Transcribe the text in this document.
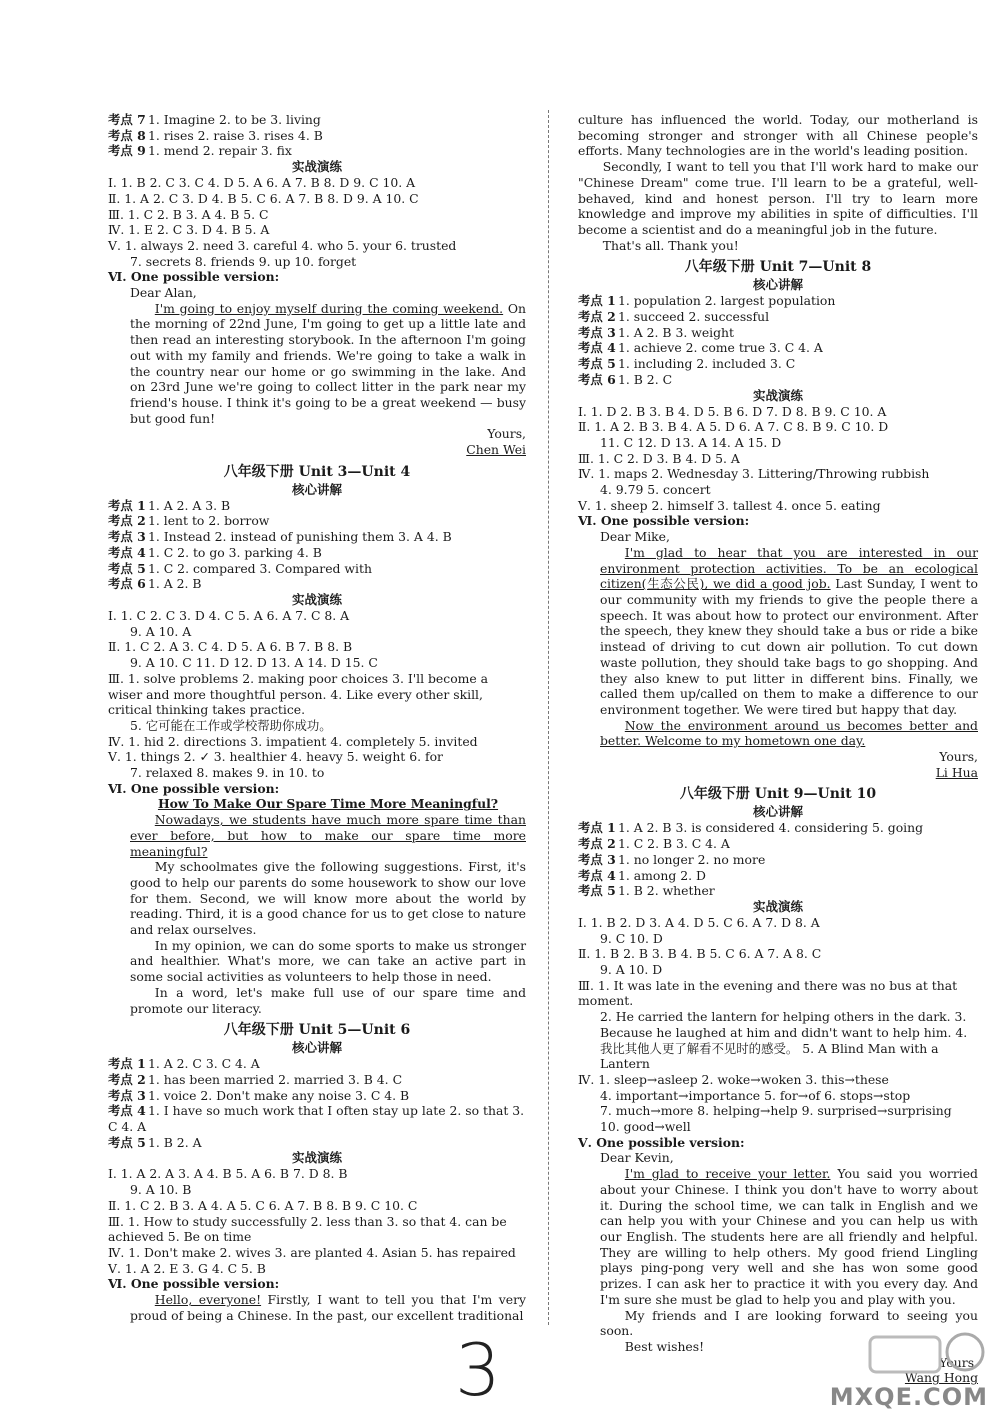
考点 7 1. Imagine 2. to be 3. living
考点 8 1. rises 2. raise 3. rises 4. B
考点 9 1. mend 2. repair 3. fix
实战演练
Ⅰ. 1. B 2. C 3. C 4. D 5. A 6. A 7. B 8. D 9. C 10. A
Ⅱ. 1. A 2. C 3. D 4. B 5. C 6. A 7. B 8. D 9. A 10. C
Ⅲ. 1. C 2. B 3. A 4. B 5. C
Ⅳ. 1. E 2. C 3. D 4. B 5. A
Ⅴ. 1. always 2. need 3. careful 4. who 5. your 6. trusted
7. secrets 8. friends 9. up 10. forget
Ⅵ. One possible version:

Dear Alan,

I'm going to enjoy myself during the coming weekend. On the morning of 22nd June, I'm going to get up a little late and then read an interesting storybook. In the afternoon I'm going out with my family and friends. We're going to take a walk in the country near our home or go swimming in the lake. And on 23rd June we're going to collect litter in the park near my friend's house. I think it's going to be a great weekend — busy but good fun!

Yours,
Chen Wei
八年级下册 Unit 3—Unit 4
核心讲解
考点 1 1. A 2. A 3. B
考点 2 1. lent to 2. borrow
考点 3 1. Instead 2. instead of punishing them 3. A 4. B
考点 4 1. C 2. to go 3. parking 4. B
考点 5 1. C 2. compared 3. Compared with
考点 6 1. A 2. B
实战演练
Ⅰ. 1. C 2. C 3. D 4. C 5. A 6. A 7. C 8. A
9. A 10. A
Ⅱ. 1. C 2. A 3. C 4. D 5. A 6. B 7. B 8. B
9. A 10. C 11. D 12. D 13. A 14. D 15. C
Ⅲ. 1. solve problems 2. making poor choices 3. I'll become a wiser and more thoughtful person. 4. Like every other skill, critical thinking takes practice.
5. 它可能在工作或学校帮助你成功。
Ⅳ. 1. hid 2. directions 3. impatient 4. completely 5. invited
Ⅴ. 1. things 2. ✓ 3. healthier 4. heavy 5. weight 6. for
7. relaxed 8. makes 9. in 10. to
Ⅵ. One possible version:
How To Make Our Spare Time More Meaningful?

Nowadays, we students have much more spare time than ever before, but how to make our spare time more meaningful?

My schoolmates give the following suggestions. First, it's good to help our parents do some housework to show our love for them. Second, we will know more about the world by reading. Third, it is a good chance for us to get close to nature and relax ourselves.

In my opinion, we can do some sports to make us stronger and healthier. What's more, we can take an active part in some social activities as volunteers to help those in need.

In a word, let's make full use of our spare time and promote our literacy.

八年级下册 Unit 5—Unit 6
核心讲解
考点 1 1. A 2. C 3. C 4. A
考点 2 1. has been married 2. married 3. B 4. C
考点 3 1. voice 2. Don't make any noise 3. C 4. B
考点 4 1. I have so much work that I often stay up late 2. so that 3. C 4. A
考点 5 1. B 2. A
实战演练
Ⅰ. 1. A 2. A 3. A 4. B 5. A 6. B 7. D 8. B
9. A 10. B
Ⅱ. 1. C 2. B 3. A 4. A 5. C 6. A 7. B 8. B 9. C 10. C
Ⅲ. 1. How to study successfully 2. less than 3. so that 4. can be achieved 5. Be on time
Ⅳ. 1. Don't make 2. wives 3. are planted 4. Asian 5. has repaired
Ⅴ. 1. A 2. E 3. G 4. C 5. B
Ⅵ. One possible version:

Hello, everyone! Firstly, I want to tell you that I'm very proud of being a Chinese. In the past, our excellent traditional

culture has influenced the world. Today, our motherland is becoming stronger and stronger with all Chinese people's efforts. Many technologies are in the world's leading position.

Secondly, I want to tell you that I'll work hard to make our "Chinese Dream" come true. I'll learn to be a grateful, well-behaved, kind and honest person. I'll try to learn more knowledge and improve my abilities in spite of difficulties. I'll become a scientist and do a meaningful job in the future.

That's all. Thank you!

八年级下册 Unit 7—Unit 8
核心讲解
考点 1 1. population 2. largest population
考点 2 1. succeed 2. successful
考点 3 1. A 2. B 3. weight
考点 4 1. achieve 2. come true 3. C 4. A
考点 5 1. including 2. included 3. C
考点 6 1. B 2. C
实战演练
Ⅰ. 1. D 2. B 3. B 4. D 5. B 6. D 7. D 8. B 9. C 10. A
Ⅱ. 1. A 2. B 3. B 4. A 5. D 6. A 7. C 8. B 9. C 10. D
11. C 12. D 13. A 14. A 15. D
Ⅲ. 1. C 2. D 3. B 4. D 5. A
Ⅳ. 1. maps 2. Wednesday 3. Littering/Throwing rubbish
4. 9.79 5. concert
Ⅴ. 1. sheep 2. himself 3. tallest 4. once 5. eating
Ⅵ. One possible version:

Dear Mike,

I'm glad to hear that you are interested in our environment protection activities. To be an ecological citizen(生态公民), we did a good job. Last Sunday, I went to our community with my friends to give the people there a speech. It was about how to protect our environment. After the speech, they knew they should take a bus or ride a bike instead of driving to cut down air pollution. To cut down waste pollution, they should take bags to go shopping. And they also knew to put litter in different bins. Finally, we called them up/called on them to make a difference to our environment together. We were tired but happy that day.

Now the environment around us becomes better and better. Welcome to my hometown one day.

Yours,
Li Hua
八年级下册 Unit 9—Unit 10
核心讲解
考点 1 1. A 2. B 3. is considered 4. considering 5. going
考点 2 1. C 2. B 3. C 4. A
考点 3 1. no longer 2. no more
考点 4 1. among 2. D
考点 5 1. B 2. whether
实战演练
Ⅰ. 1. B 2. D 3. A 4. D 5. C 6. A 7. D 8. A
9. C 10. D
Ⅱ. 1. B 2. B 3. B 4. B 5. C 6. A 7. A 8. C
9. A 10. D
Ⅲ. 1. It was late in the evening and there was no bus at that moment.
2. He carried the lantern for helping others in the dark. 3. Because he laughed at him and didn't want to help him. 4. 我比其他人更了解看不见时的感受。 5. A Blind Man with a Lantern
Ⅳ. 1. sleep→asleep 2. woke→woken 3. this→these
4. important→importance 5. for→of 6. stops→stop
7. much→more 8. helping→help 9. surprised→surprising
10. good→well
Ⅴ. One possible version:

Dear Kevin,

I'm glad to receive your letter. You said you worried about your Chinese. I think you don't have to worry about it. During the school time, we can talk in English and we can help you with your Chinese and you can help us with our English. The students here are all friendly and helpful. They are willing to help others. My good friend Lingling plays ping-pong very well and she has won some good prizes. I can ask her to practice it with you every day. And I'm sure she must be glad to help you and play with you.

My friends and I are looking forward to seeing you soon.

Best wishes!

Yours,
Wang Hong
3	MXQE.COM
